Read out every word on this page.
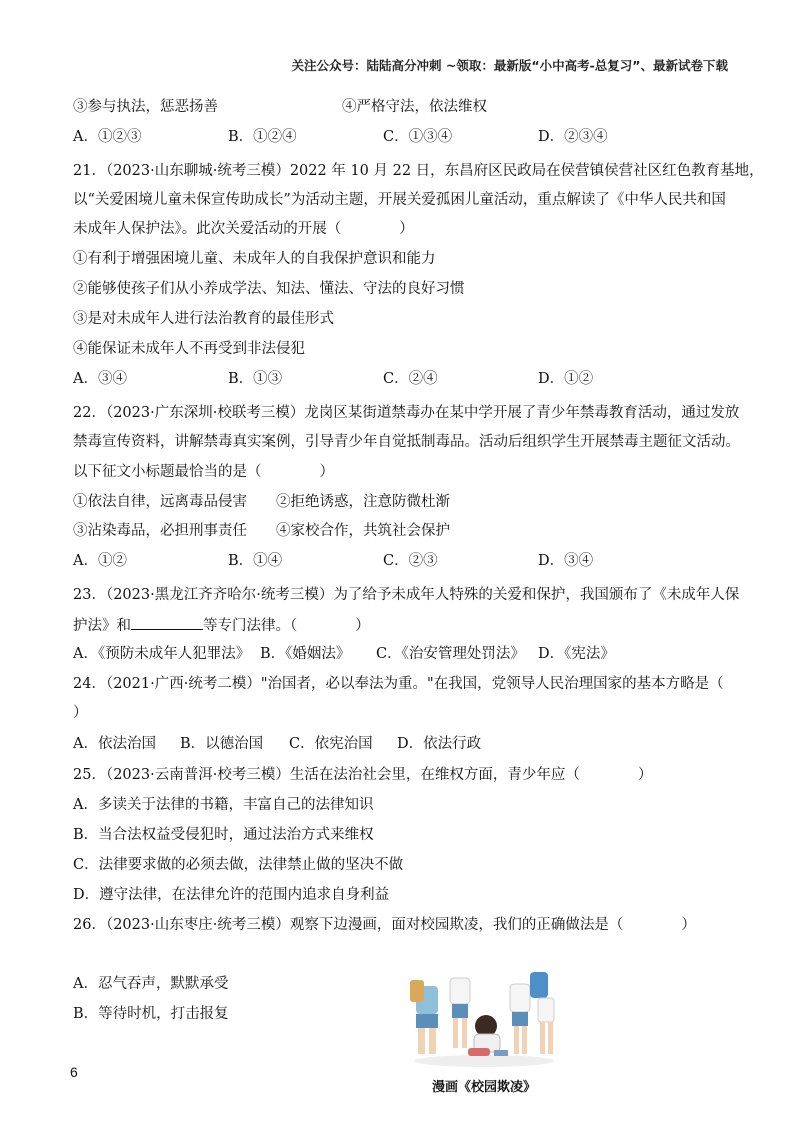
关注公众号：陆陆高分冲刺 ~领取：最新版“小中高考-总复习”、最新试卷下载
③参与执法，惩恶扬善	④严格守法，依法维权
A．①②③	B．①②④	C．①③④	D．②③④
21．（2023·山东聊城·统考三模）2022 年 10 月 22 日，东昌府区民政局在侯营镇侯营社区红色教育基地，
以“关爱困境儿童未保宣传助成长”为活动主题，开展关爱孤困儿童活动，重点解读了《中华人民共和国
未成年人保护法》。此次关爱活动的开展（　　　　）
①有利于增强困境儿童、未成年人的自我保护意识和能力
②能够使孩子们从小养成学法、知法、懂法、守法的良好习惯
③是对未成年人进行法治教育的最佳形式
④能保证未成年人不再受到非法侵犯
A．③④	B．①③	C．②④	D．①②
22．（2023·广东深圳·校联考三模）龙岗区某街道禁毒办在某中学开展了青少年禁毒教育活动，通过发放
禁毒宣传资料，讲解禁毒真实案例，引导青少年自觉抵制毒品。活动后组织学生开展禁毒主题征文活动。
以下征文小标题最恰当的是（　　　　）
①依法自律，远离毒品侵害　　②拒绝诱惑，注意防微杜渐
③沾染毒品，必担刑事责任　　④家校合作，共筑社会保护
A．①②	B．①④	C．②③	D．③④
23．（2023·黑龙江齐齐哈尔·统考三模）为了给予未成年人特殊的关爱和保护，我国颁布了《未成年人保
护法》和	等专门法律。（　　　　）
A．《预防未成年人犯罪法》 B．《婚姻法》 C．《治安管理处罚法》 D．《宪法》
24．（2021·广西·统考二模）"治国者，必以奉法为重。"在我国，党领导人民治理国家的基本方略是（
）
A．依法治国 B．以德治国 C．依宪治国 D．依法行政
25．（2023·云南普洱·校考三模）生活在法治社会里，在维权方面，青少年应（　　　　）
A．多读关于法律的书籍，丰富自己的法律知识
B．当合法权益受侵犯时，通过法治方式来维权
C．法律要求做的必须去做，法律禁止做的坚决不做
D．遵守法律，在法律允许的范围内追求自身利益
26．（2023·山东枣庄·统考三模）观察下边漫画，面对校园欺凌，我们的正确做法是（　　　　）
A．忍气吞声，默默承受
B．等待时机，打击报复
漫画《校园欺凌》
6
